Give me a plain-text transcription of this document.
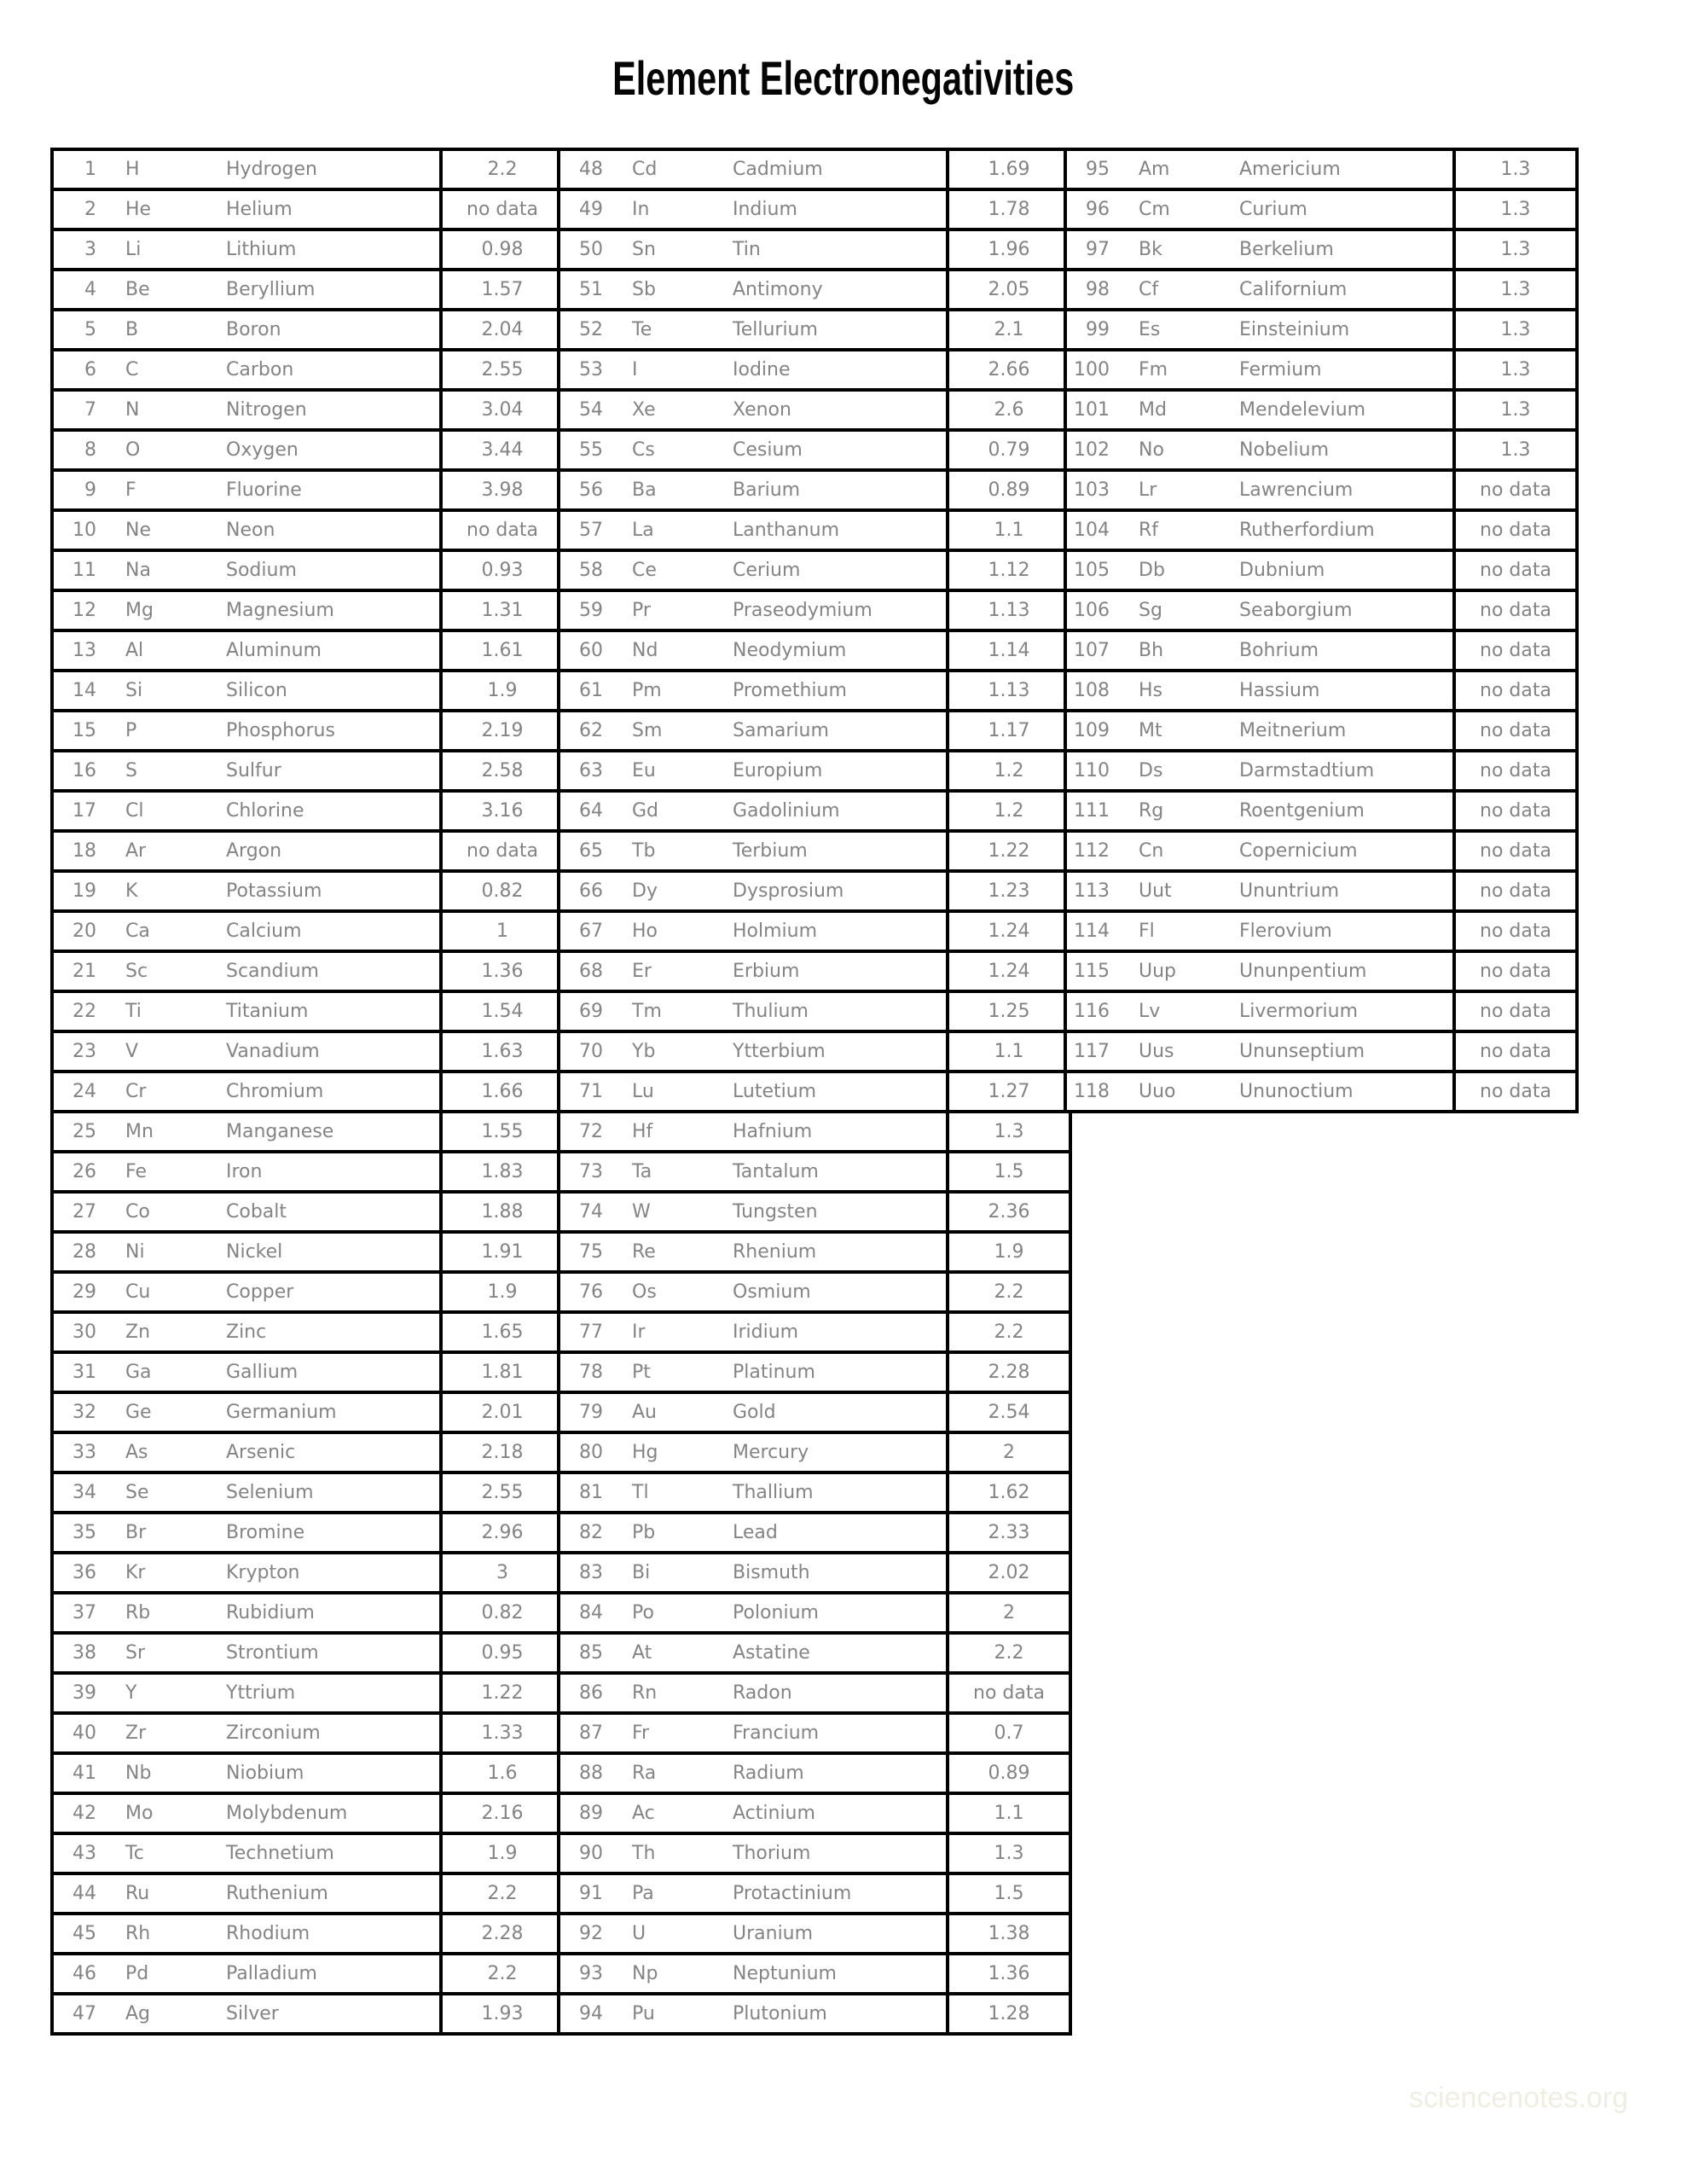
Element Electronegativities
1	H	Hydrogen	2.2
2	He	Helium	no data
3	Li	Lithium	0.98
4	Be	Beryllium	1.57
5	B	Boron	2.04
6	C	Carbon	2.55
7	N	Nitrogen	3.04
8	O	Oxygen	3.44
9	F	Fluorine	3.98
10	Ne	Neon	no data
11	Na	Sodium	0.93
12	Mg	Magnesium	1.31
13	Al	Aluminum	1.61
14	Si	Silicon	1.9
15	P	Phosphorus	2.19
16	S	Sulfur	2.58
17	Cl	Chlorine	3.16
18	Ar	Argon	no data
19	K	Potassium	0.82
20	Ca	Calcium	1
21	Sc	Scandium	1.36
22	Ti	Titanium	1.54
23	V	Vanadium	1.63
24	Cr	Chromium	1.66
25	Mn	Manganese	1.55
26	Fe	Iron	1.83
27	Co	Cobalt	1.88
28	Ni	Nickel	1.91
29	Cu	Copper	1.9
30	Zn	Zinc	1.65
31	Ga	Gallium	1.81
32	Ge	Germanium	2.01
33	As	Arsenic	2.18
34	Se	Selenium	2.55
35	Br	Bromine	2.96
36	Kr	Krypton	3
37	Rb	Rubidium	0.82
38	Sr	Strontium	0.95
39	Y	Yttrium	1.22
40	Zr	Zirconium	1.33
41	Nb	Niobium	1.6
42	Mo	Molybdenum	2.16
43	Tc	Technetium	1.9
44	Ru	Ruthenium	2.2
45	Rh	Rhodium	2.28
46	Pd	Palladium	2.2
47	Ag	Silver	1.93
48	Cd	Cadmium	1.69
49	In	Indium	1.78
50	Sn	Tin	1.96
51	Sb	Antimony	2.05
52	Te	Tellurium	2.1
53	I	Iodine	2.66
54	Xe	Xenon	2.6
55	Cs	Cesium	0.79
56	Ba	Barium	0.89
57	La	Lanthanum	1.1
58	Ce	Cerium	1.12
59	Pr	Praseodymium	1.13
60	Nd	Neodymium	1.14
61	Pm	Promethium	1.13
62	Sm	Samarium	1.17
63	Eu	Europium	1.2
64	Gd	Gadolinium	1.2
65	Tb	Terbium	1.22
66	Dy	Dysprosium	1.23
67	Ho	Holmium	1.24
68	Er	Erbium	1.24
69	Tm	Thulium	1.25
70	Yb	Ytterbium	1.1
71	Lu	Lutetium	1.27
72	Hf	Hafnium	1.3
73	Ta	Tantalum	1.5
74	W	Tungsten	2.36
75	Re	Rhenium	1.9
76	Os	Osmium	2.2
77	Ir	Iridium	2.2
78	Pt	Platinum	2.28
79	Au	Gold	2.54
80	Hg	Mercury	2
81	Tl	Thallium	1.62
82	Pb	Lead	2.33
83	Bi	Bismuth	2.02
84	Po	Polonium	2
85	At	Astatine	2.2
86	Rn	Radon	no data
87	Fr	Francium	0.7
88	Ra	Radium	0.89
89	Ac	Actinium	1.1
90	Th	Thorium	1.3
91	Pa	Protactinium	1.5
92	U	Uranium	1.38
93	Np	Neptunium	1.36
94	Pu	Plutonium	1.28
95	Am	Americium	1.3
96	Cm	Curium	1.3
97	Bk	Berkelium	1.3
98	Cf	Californium	1.3
99	Es	Einsteinium	1.3
100	Fm	Fermium	1.3
101	Md	Mendelevium	1.3
102	No	Nobelium	1.3
103	Lr	Lawrencium	no data
104	Rf	Rutherfordium	no data
105	Db	Dubnium	no data
106	Sg	Seaborgium	no data
107	Bh	Bohrium	no data
108	Hs	Hassium	no data
109	Mt	Meitnerium	no data
110	Ds	Darmstadtium	no data
111	Rg	Roentgenium	no data
112	Cn	Copernicium	no data
113	Uut	Ununtrium	no data
114	Fl	Flerovium	no data
115	Uup	Ununpentium	no data
116	Lv	Livermorium	no data
117	Uus	Ununseptium	no data
118	Uuo	Ununoctium	no data
sciencenotes.org
